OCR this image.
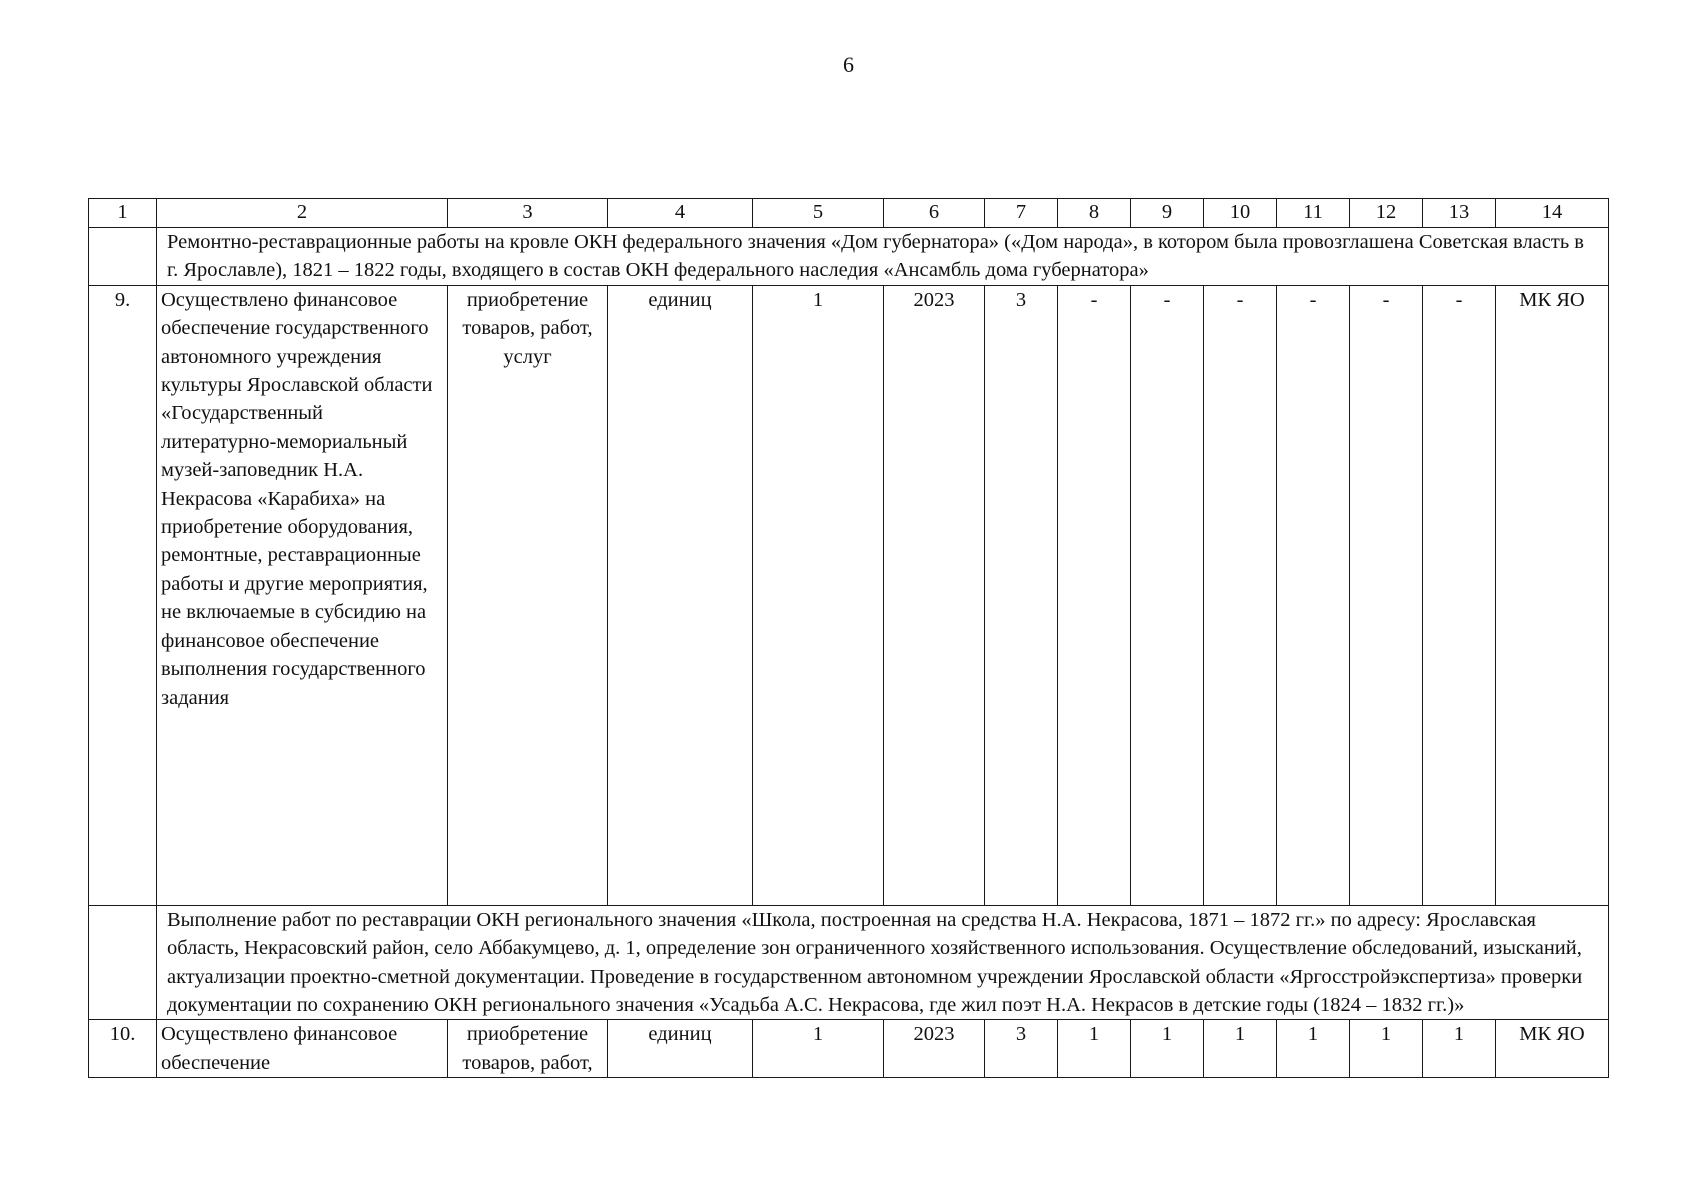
6
1	2	3	4	5	6	7	8	9	10	11	12	13	14
	Ремонтно-реставрационные работы на кровле ОКН федерального значения «Дом губернатора» («Дом народа», в котором была провозглашена Советская власть в г. Ярославле), 1821 – 1822 годы, входящего в состав ОКН федерального наследия «Ансамбль дома губернатора»												
9.	Осуществлено финансовое обеспечение государственного автономного учреждения культуры Ярославской области «Государственный литературно-мемориальный музей-заповедник Н.А. Некрасова «Карабиха» на приобретение оборудования, ремонтные, реставрационные работы и другие мероприятия, не включаемые в субсидию на финансовое обеспечение выполнения государственного задания	приобретение товаров, работ, услуг	единиц	1	2023	3	-	-	-	-	-	-	МК ЯО
	Выполнение работ по реставрации ОКН регионального значения «Школа, построенная на средства Н.А. Некрасова, 1871 – 1872 гг.» по адресу: Ярославская область, Некрасовский район, село Аббакумцево, д. 1, определение зон ограниченного хозяйственного использования. Осуществление обследований, изысканий, актуализации проектно-сметной документации. Проведение в государственном автономном учреждении Ярославской области «Яргосстройэкспертиза» проверки документации по сохранению ОКН регионального значения «Усадьба А.С. Некрасова, где жил поэт Н.А. Некрасов в детские годы (1824 – 1832 гг.)»												
10.	Осуществлено финансовое обеспечение	приобретение товаров, работ,	единиц	1	2023	3	1	1	1	1	1	1	МК ЯО
